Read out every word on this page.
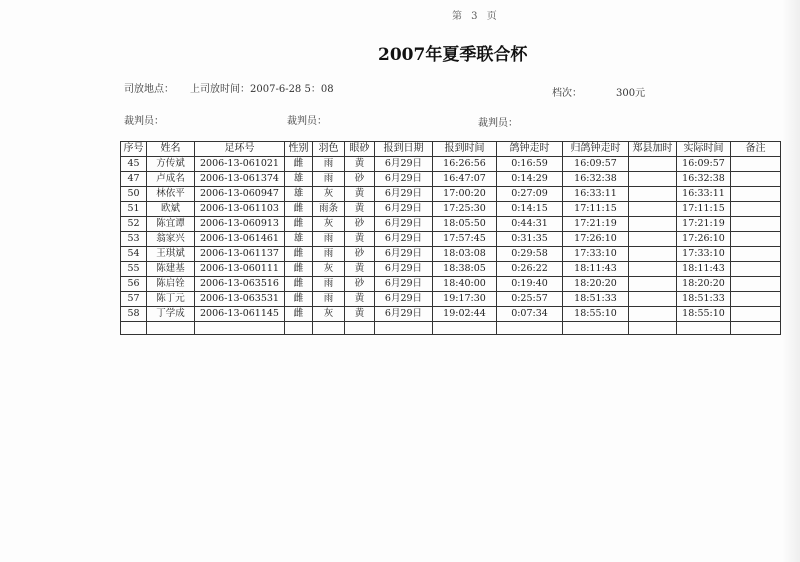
第 3 页
2007年夏季联合杯
司放地点： 上司放时间：2007-6-28 5：08	档次：	300元
裁判员：	裁判员：	裁判员：
序号	姓名	足环号	性别	羽色	眼砂	报到日期	报到时间	鸽钟走时	归鸽钟走时	郑县加时	实际时间	备注
45	方传斌	2006-13-061021	雌	雨	黄	6月29日	16:26:56	0:16:59	16:09:57		16:09:57	
47	卢成名	2006-13-061374	雄	雨	砂	6月29日	16:47:07	0:14:29	16:32:38		16:32:38	
50	林依平	2006-13-060947	雄	灰	黄	6月29日	17:00:20	0:27:09	16:33:11		16:33:11	
51	欧斌	2006-13-061103	雌	雨条	黄	6月29日	17:25:30	0:14:15	17:11:15		17:11:15	
52	陈宜谭	2006-13-060913	雌	灰	砂	6月29日	18:05:50	0:44:31	17:21:19		17:21:19	
53	翁家兴	2006-13-061461	雄	雨	黄	6月29日	17:57:45	0:31:35	17:26:10		17:26:10	
54	王琪斌	2006-13-061137	雌	雨	砂	6月29日	18:03:08	0:29:58	17:33:10		17:33:10	
55	陈建基	2006-13-060111	雌	灰	黄	6月29日	18:38:05	0:26:22	18:11:43		18:11:43	
56	陈启铨	2006-13-063516	雌	雨	砂	6月29日	18:40:00	0:19:40	18:20:20		18:20:20	
57	陈丁元	2006-13-063531	雌	雨	黄	6月29日	19:17:30	0:25:57	18:51:33		18:51:33	
58	丁学成	2006-13-061145	雌	灰	黄	6月29日	19:02:44	0:07:34	18:55:10		18:55:10	
